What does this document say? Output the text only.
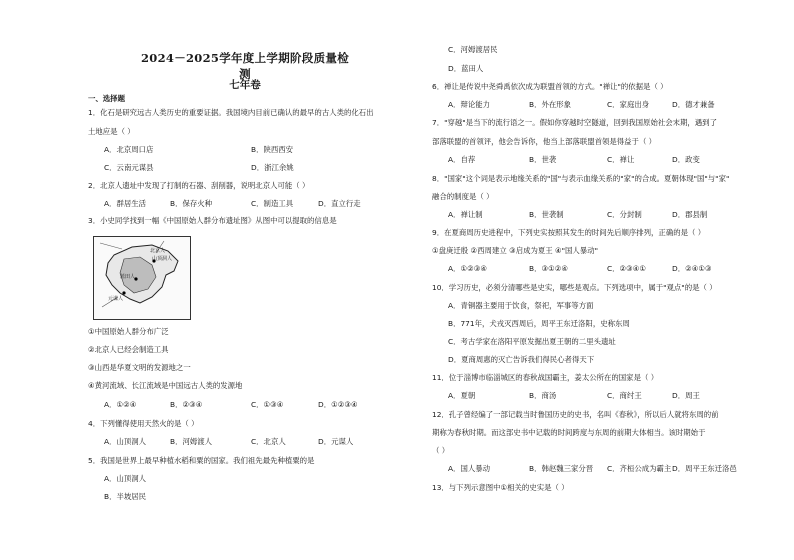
2024－2025学年度上学期阶段质量检测
七年卷
一、选择题
1．化石是研究远古人类历史的重要证据。我国境内目前已确认的最早的古人类的化石出
土地应是（ ）
A．北京周口店	B．陕西西安
C．云南元谋县	D．浙江余姚
2．北京人遗址中发现了打制的石器、刮削器，说明北京人可能（ ）
A．群居生活	B．保存火种	C．制造工具	D．直立行走
3．小史同学找到一幅《中国原始人群分布遗址图》从图中可以提取的信息是
北京人
山顶洞人
蓝田人
元谋人
①中国原始人群分布广泛
②北京人已经会制造工具
③山西是华夏文明的发源地之一
④黄河流域、长江流域是中国远古人类的发源地
A．①②④	B．②③④	C．①③④	D．①②③④
4．下列懂得使用天然火的是（ ）
A．山顶洞人	B．河姆渡人	C．北京人	D．元谋人
5．我国是世界上最早种植水稻和粟的国家。我们祖先最先种植粟的是
A．山顶洞人
B．半坡居民
C．河姆渡居民
D．蓝田人
6．禅让是传说中尧舜禹依次成为联盟首领的方式。"禅让"的依据是（ ）
A．辩论能力	B．外在形象	C．家庭出身	D．德才兼备
7．"穿越"是当下的流行语之一。假如你穿越时空隧道，回到我国原始社会末期，遇到了
部落联盟的首领评，他会告诉你，他当上部落联盟首领是得益于（ ）
A．自荐	B．世袭	C．禅让	D．政变
8．"国家"这个词是表示地缘关系的"国"与表示血缘关系的"家"的合成。夏朝体现"国"与"家"
融合的制度是（ ）
A．禅让制	B．世袭制	C．分封制	D．郡县制
9．在夏商周历史进程中，下列史实按照其发生的时间先后顺序排列，正确的是（ ）
①盘庚迁殷 ②西周建立 ③启成为夏王 ④"国人暴动"
A．①②③④	B．③①②④	C．②③④①	D．②④①③
10．学习历史，必须分清哪些是史实，哪些是观点。下列选项中，属于"观点"的是（ ）
A．青铜器主要用于饮食，祭祀，军事等方面
B．771年，犬戎灭西周后，周平王东迁洛阳，史称东周
C．考古学家在洛阳平原发掘出夏王朝的二里头遗址
D．夏商周惠的灭亡告诉我们得民心者得天下
11．位于淄博市临淄城区的春秋战国霸主，姜太公所在的国家是（ ）
A．夏朝	B．商汤	C．商纣王	D．周王
12．孔子曾经编了一部记载当时鲁国历史的史书，名叫《春秋》，所以后人就将东周的前
期称为春秋时期。而这部史书中记载的时间跨度与东周的前期大体相当。该时期始于
（ ）
A．国人暴动	B．韩赵魏三家分晋 C．齐桓公成为霸主 D．周平王东迁洛邑
13．与下列示意图中①相关的史实是（ ）
